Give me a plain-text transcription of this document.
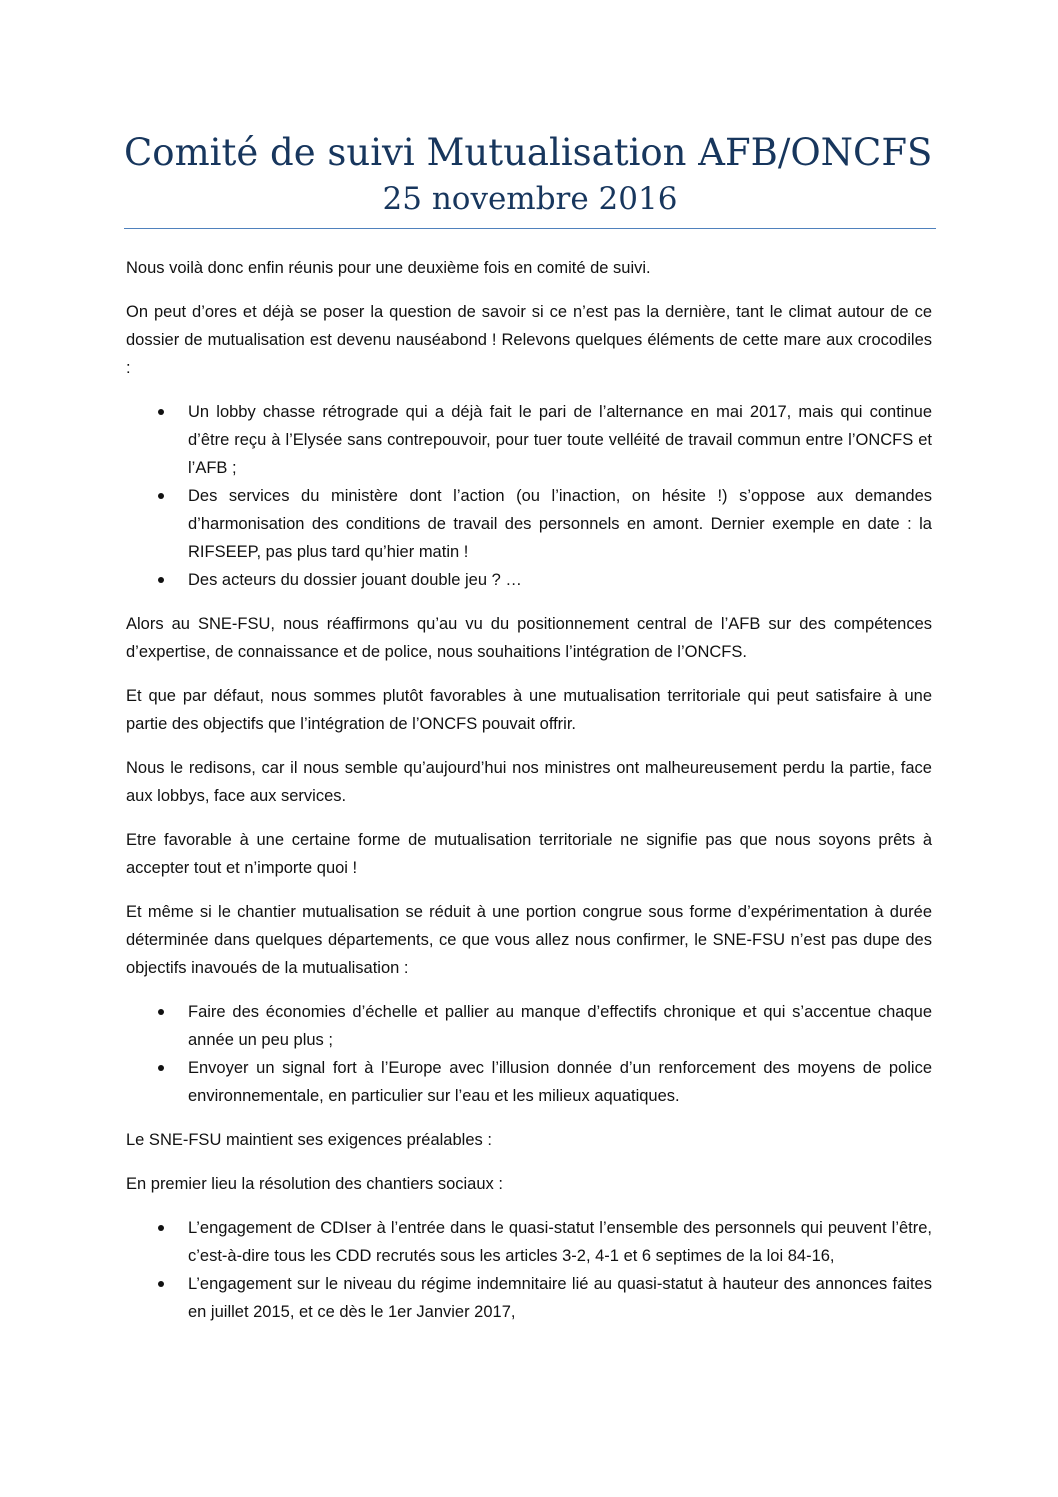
Comité de suivi Mutualisation AFB/ONCFS

25 novembre 2016

Nous voilà donc enfin réunis pour une deuxième fois en comité de suivi.

On peut d’ores et déjà se poser la question de savoir si ce n’est pas la dernière, tant le climat autour de ce dossier de mutualisation est devenu nauséabond ! Relevons quelques éléments de cette mare aux crocodiles :

Un lobby chasse rétrograde qui a déjà fait le pari de l’alternance en mai 2017, mais qui continue d’être reçu à l’Elysée sans contrepouvoir, pour tuer toute velléité de travail commun entre l’ONCFS et l’AFB ;
Des services du ministère dont l’action (ou l’inaction, on hésite !) s’oppose aux demandes d’harmonisation des conditions de travail des personnels en amont. Dernier exemple en date : la RIFSEEP, pas plus tard qu’hier matin !
Des acteurs du dossier jouant double jeu ? …

Alors au SNE-FSU, nous réaffirmons qu’au vu du positionnement central de l’AFB sur des compétences d’expertise, de connaissance et de police, nous souhaitions l’intégration de l’ONCFS.

Et que par défaut, nous sommes plutôt favorables à une mutualisation territoriale qui peut satisfaire à une partie des objectifs que l’intégration de l’ONCFS pouvait offrir.

Nous le redisons, car il nous semble qu’aujourd’hui nos ministres ont malheureusement perdu la partie, face aux lobbys, face aux services.

Etre favorable à une certaine forme de mutualisation territoriale ne signifie pas que nous soyons prêts à accepter tout et n’importe quoi !

Et même si le chantier mutualisation se réduit à une portion congrue sous forme d’expérimentation à durée déterminée dans quelques départements, ce que vous allez nous confirmer, le SNE-FSU n’est pas dupe des objectifs inavoués de la mutualisation :

Faire des économies d’échelle et pallier au manque d’effectifs chronique et qui s’accentue chaque année un peu plus ;
Envoyer un signal fort à l’Europe avec l’illusion donnée d’un renforcement des moyens de police environnementale, en particulier sur l’eau et les milieux aquatiques.

Le SNE-FSU maintient ses exigences préalables :

En premier lieu la résolution des chantiers sociaux :

L’engagement de CDIser à l’entrée dans le quasi-statut l’ensemble des personnels qui peuvent l’être, c’est-à-dire tous les CDD recrutés sous les articles 3-2, 4-1 et 6 septimes de la loi 84-16,
L’engagement sur le niveau du régime indemnitaire lié au quasi-statut à hauteur des annonces faites en juillet 2015, et ce dès le 1er Janvier 2017,
